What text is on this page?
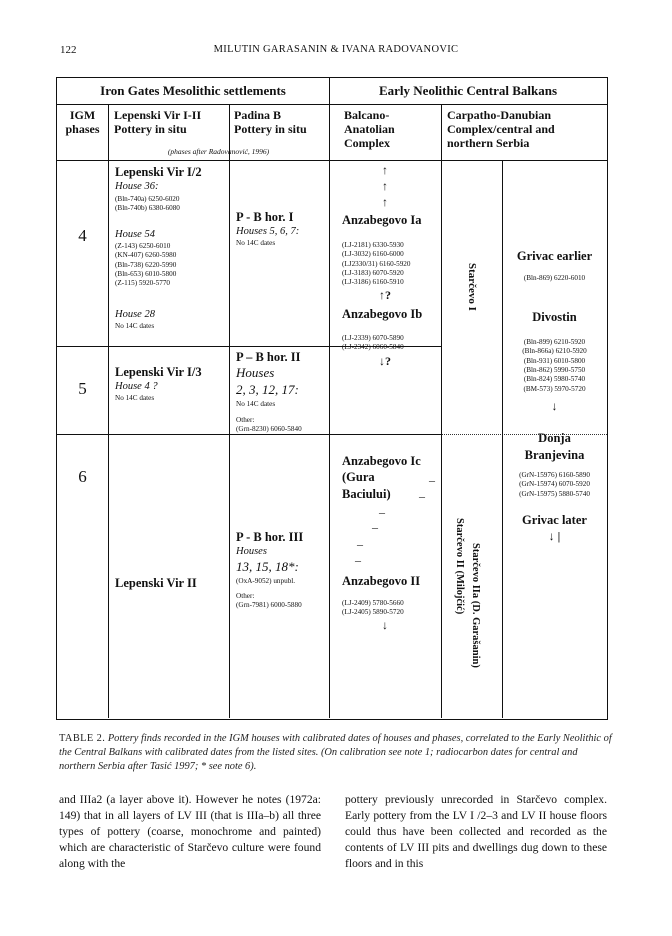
122	MILUTIN GARASANIN & IVANA RADOVANOVIC
Iron Gates Mesolithic settlements	Early Neolithic Central Balkans
IGM
phases
Lepenski Vir I-II
Pottery in situ
Padina B
Pottery in situ
Balcano-
Anatolian
Complex
Carpatho-Danubian
Complex/central and
northern Serbia
(phases after Radovanović, 1996)
4
5
6
Lepenski Vir I/2
House 36:
(Bln-740a) 6250-6020
(Bln-740b) 6380-6080
House 54
(Z-143) 6250-6010
(KN-407) 6260-5980
(Bln-738) 6220-5990
(Bln-653) 6010-5800
(Z-115) 5920-5770
House 28
No 14C dates
Lepenski Vir I/3
House 4 ?
No 14C dates
Lepenski Vir II
P - B hor. I
Houses 5, 6, 7:
No 14C dates
P – B hor. II
Houses
2, 3, 12, 17:
No 14C dates
Other:
(Grn-8230) 6060-5840
P - B hor. III
Houses
13, 15, 18*:
(OxA-9052) unpubl.
Other:
(Grn-7981) 6000-5880
↑
↑
↑
Anzabegovo Ia
(LJ-2181) 6330-5930
(LJ-3032) 6160-6000
(LJ2330/31) 6160-5920
(LJ-3183) 6070-5920
(LJ-3186) 6160-5910
↑?
Anzabegovo Ib
(LJ-2339) 6070-5890
(LJ-2342) 6060-5840
↓?
Anzabegovo Ic
(Gura
Baciului)
–
–
–
–
–
–
Anzabegovo II
(LJ-2409) 5780-5660
(LJ-2405) 5890-5720
↓
Starčevo I
Starčevo II (Milojčić) Starčevo IIa (D. Garašanin)
Grivac earlier
(Bln-869) 6220-6010
Divostin
(Bln-899) 6210-5920
(Bln-866a) 6210-5920
(Bln-931) 6010-5800
(Bln-862) 5990-5750
(Bln-824) 5980-5740
(BM-573) 5970-5720
↓
Donja
Branjevina
(GrN-15976) 6160-5890
(GrN-15974) 6070-5920
(GrN-15975) 5880-5740
Grivac later
↓ |
TABLE 2. Pottery finds recorded in the IGM houses with calibrated dates of houses and phases, correlated to the Early Neolithic of the Central Balkans with calibrated dates from the listed sites. (On calibration see note 1; radiocarbon dates for central and northern Serbia after Tasić 1997; * see note 6).
and IIIa2 (a layer above it). However he notes (1972a: 149) that in all layers of LV III (that is IIIa–b) all three types of pottery (coarse, monochrome and painted) which are characteristic of Starčevo culture were found along with the
pottery previously unrecorded in Starčevo complex. Early pottery from the LV I /2–3 and LV II house floors could thus have been collected and recorded as the contents of LV III pits and dwellings dug down to these floors and in this
